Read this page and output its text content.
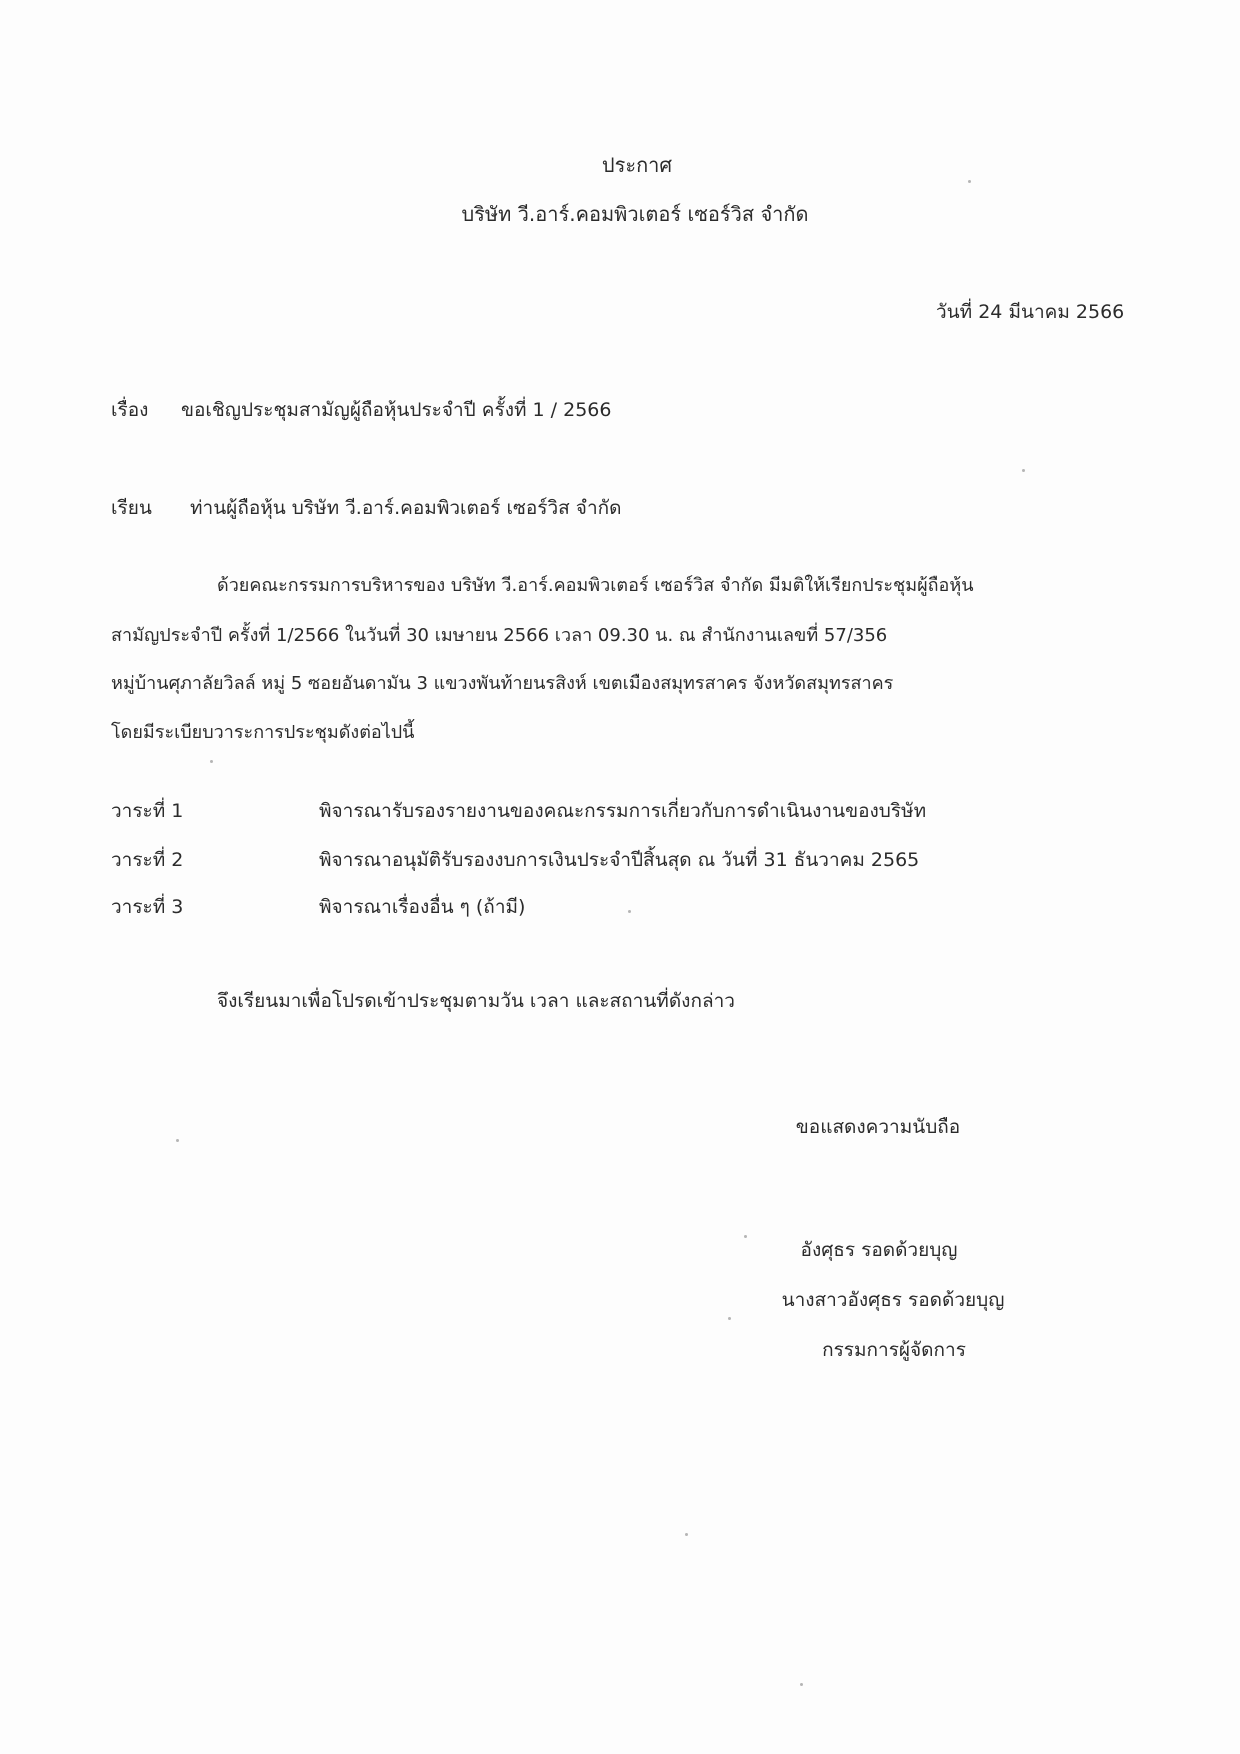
ประกาศ
บริษัท วี.อาร์.คอมพิวเตอร์ เซอร์วิส จำกัด
วันที่ 24 มีนาคม 2566
เรื่อง ขอเชิญประชุมสามัญผู้ถือหุ้นประจำปี ครั้งที่ 1 / 2566
เรียน ท่านผู้ถือหุ้น บริษัท วี.อาร์.คอมพิวเตอร์ เซอร์วิส จำกัด
ด้วยคณะกรรมการบริหารของ บริษัท วี.อาร์.คอมพิวเตอร์ เซอร์วิส จำกัด มีมติให้เรียกประชุมผู้ถือหุ้น
สามัญประจำปี ครั้งที่ 1/2566 ในวันที่ 30 เมษายน 2566 เวลา 09.30 น. ณ สำนักงานเลขที่ 57/356
หมู่บ้านศุภาลัยวิลล์ หมู่ 5 ซอยอันดามัน 3 แขวงพันท้ายนรสิงห์ เขตเมืองสมุทรสาคร จังหวัดสมุทรสาคร
โดยมีระเบียบวาระการประชุมดังต่อไปนี้
วาระที่ 1	พิจารณารับรองรายงานของคณะกรรมการเกี่ยวกับการดำเนินงานของบริษัท
วาระที่ 2	พิจารณาอนุมัติรับรองงบการเงินประจำปีสิ้นสุด ณ วันที่ 31 ธันวาคม 2565
วาระที่ 3	พิจารณาเรื่องอื่น ๆ (ถ้ามี)
จึงเรียนมาเพื่อโปรดเข้าประชุมตามวัน เวลา และสถานที่ดังกล่าว
ขอแสดงความนับถือ
อังศุธร รอดด้วยบุญ
นางสาวอังศุธร รอดด้วยบุญ
กรรมการผู้จัดการ
